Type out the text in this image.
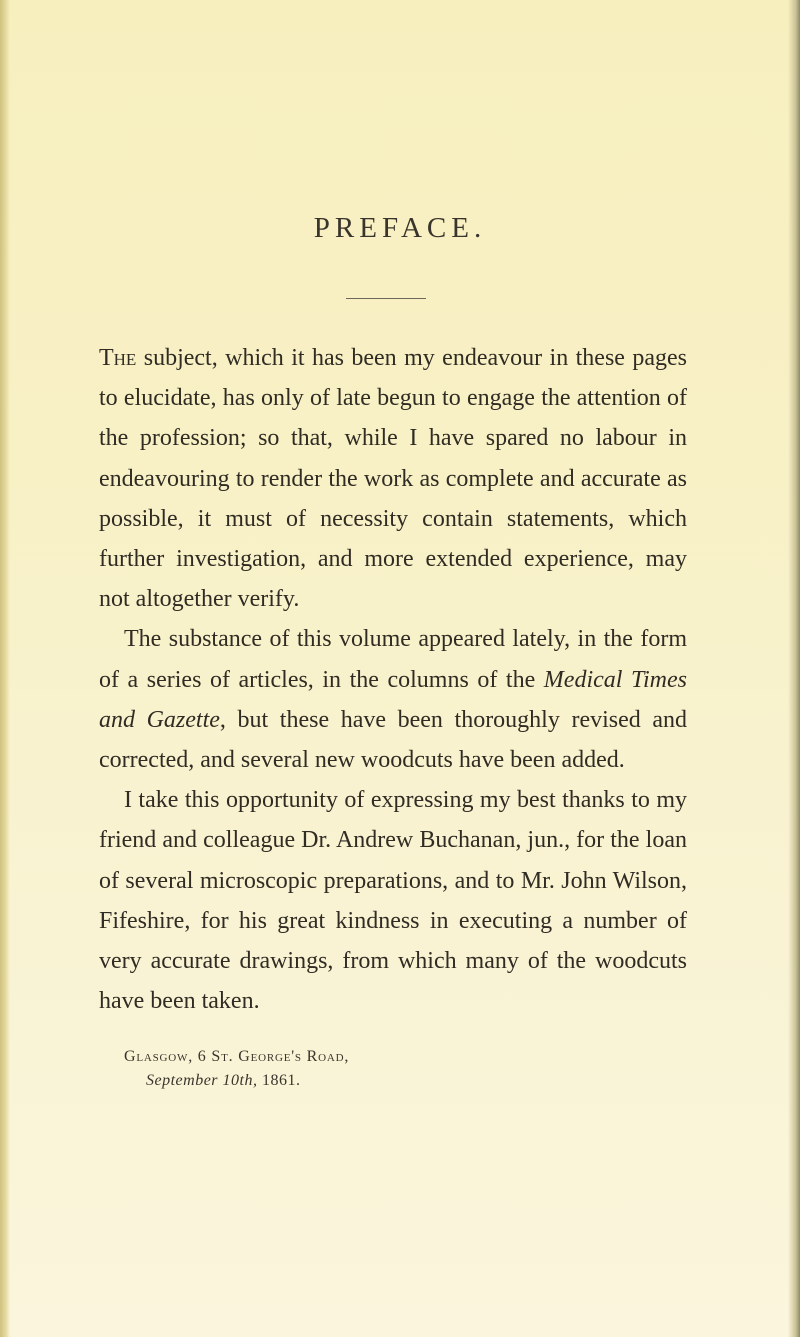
PREFACE.

The subject, which it has been my endeavour in these pages to elucidate, has only of late begun to engage the attention of the profession; so that, while I have spared no labour in endeavouring to render the work as complete and accurate as possible, it must of necessity contain statements, which further investigation, and more extended experience, may not altogether verify.

The substance of this volume appeared lately, in the form of a series of articles, in the columns of the Medical Times and Gazette, but these have been thoroughly revised and corrected, and several new woodcuts have been added.

I take this opportunity of expressing my best thanks to my friend and colleague Dr. Andrew Buchanan, jun., for the loan of several microscopic preparations, and to Mr. John Wilson, Fifeshire, for his great kindness in executing a number of very accurate drawings, from which many of the woodcuts have been taken.

Glasgow, 6 St. George's Road,
September 10th, 1861.
